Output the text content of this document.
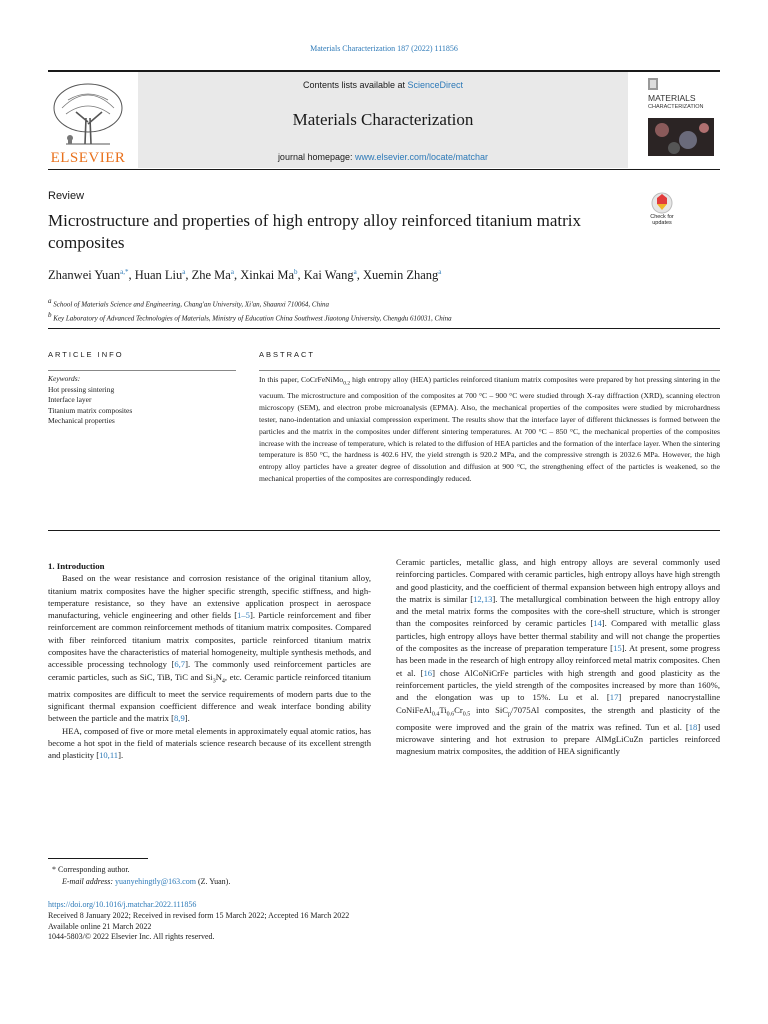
Materials Characterization 187 (2022) 111856
ELSEVIER
Contents lists available at ScienceDirect
Materials Characterization
journal homepage: www.elsevier.com/locate/matchar
MATERIALS
CHARACTERIZATION
Review
Microstructure and properties of high entropy alloy reinforced titanium matrix composites
Check for updates
Zhanwei Yuan$^{a,*}$, Huan Liu$^a$, Zhe Ma$^a$, Xinkai Ma$^b$, Kai Wang$^a$, Xuemin Zhang$^a$
$^a$ School of Materials Science and Engineering, Chang'an University, Xi'an, Shaanxi 710064, China
$^b$ Key Laboratory of Advanced Technologies of Materials, Ministry of Education China Southwest Jiaotong University, Chengdu 610031, China
ARTICLE INFO	ABSTRACT
Keywords:
Hot pressing sintering
Interface layer
Titanium matrix composites
Mechanical properties
In this paper, CoCrFeNiMo$_{0.2}$ high entropy alloy (HEA) particles reinforced titanium matrix composites were prepared by hot pressing sintering in the vacuum. The microstructure and composition of the composites at 700 °C – 900 °C were studied through X-ray diffraction (XRD), scanning electron microscopy (SEM), and electron probe microanalysis (EPMA). Also, the mechanical properties of the composites were studied by microhardness tester, nano-indentation and uniaxial compression experiment. The results show that the interface layer of different thicknesses is formed between the particles and the matrix in the composites under different sintering temperatures. At 700 °C – 850 °C, the mechanical properties of the composites increase with the increase of temperature, which is related to the diffusion of HEA particles and the formation of the interface layer. When the sintering temperature is 850 °C, the hardness is 402.6 HV, the yield strength is 920.2 MPa, and the compressive strength is 2032.6 MPa. However, the high entropy alloy particles have a greater degree of dissolution and diffusion at 900 °C, the strengthening effect of the particles is weakened, so the mechanical properties of the composites are correspondingly reduced.

1. Introduction

Based on the wear resistance and corrosion resistance of the original titanium alloy, titanium matrix composites have the higher specific strength, specific stiffness, and high-temperature resistance, so they have an extensive application prospect in aerospace manufacturing, vehicle engineering and other fields [1–5]. Particle reinforcement and fiber reinforcement are common reinforcement methods of titanium matrix composites. Compared with fiber reinforced titanium matrix composites, particle reinforced titanium matrix composites have the characteristics of material homogeneity, multiple synthesis methods, and accessible processing technology [6,7]. The commonly used reinforcement particles are ceramic particles, such as SiC, TiB, TiC and $Si_3N_4$, etc. Ceramic particle reinforced titanium matrix composites are difficult to meet the service requirements of modern parts due to the significant thermal expansion coefficient difference and weak interface bonding ability between the particle and the matrix [8,9].

HEA, composed of five or more metal elements in approximately equal atomic ratios, has become a hot spot in the field of materials science research because of its excellent strength and plasticity [10,11].

Ceramic particles, metallic glass, and high entropy alloys are several commonly used reinforcing particles. Compared with ceramic particles, high entropy alloys have high strength and good plasticity, and the coefficient of thermal expansion between high entropy alloys and the matrix is similar [12,13]. The metallurgical combination between the high entropy alloy and the metal matrix forms the composites with the core-shell structure, which is stronger than the composites reinforced by ceramic particles [14]. Compared with metallic glass particles, high entropy alloys have better thermal stability and will not change the properties of the composites as the increase of preparation temperature [15]. At present, some progress has been made in the research of high entropy alloy reinforced metal matrix composites. Chen et al. [16] chose AlCoNiCrFe particles with high strength and good plasticity as the reinforcement particles, the yield strength of the composites increased by more than 160%, and the elongation was up to 15%. Lu et al. [17] prepared nanocrystalline $CoNiFeAl_{0.4}Ti_{0.6}Cr_{0.5}$ into SiC$_p$/7075Al composites, the strength and plasticity of the composite were improved and the grain of the matrix was refined. Tun et al. [18] used microwave sintering and hot extrusion to prepare AlMgLiCuZn particles reinforced magnesium matrix composites, the addition of HEA significantly

* Corresponding author.
E-mail address: yuanyehingtly@163.com (Z. Yuan).
https://doi.org/10.1016/j.matchar.2022.111856
Received 8 January 2022; Received in revised form 15 March 2022; Accepted 16 March 2022
Available online 21 March 2022
1044-5803/© 2022 Elsevier Inc. All rights reserved.
